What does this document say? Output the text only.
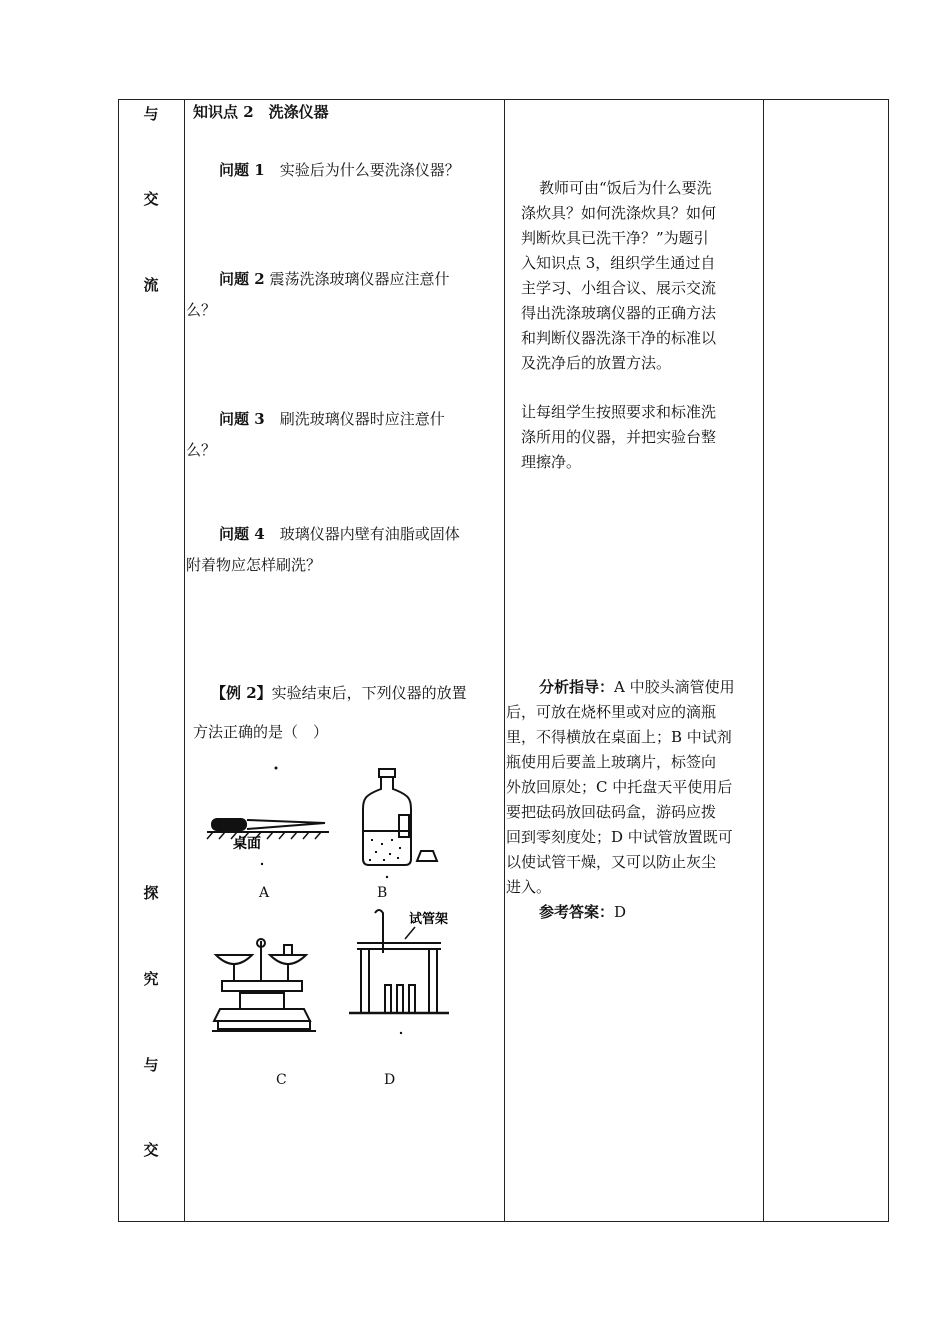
与
交
流
探
究
与
交
知识点 2　洗涤仪器
问题 1　 实验后为什么要洗涤仪器？
问题 2 震荡洗涤玻璃仪器应注意什
么？
问题 3　 刷洗玻璃仪器时应注意什
么？
问题 4　 玻璃仪器内壁有油脂或固体
附着物应怎样刷洗？
【例 2】实验结束后，下列仪器的放置
方法正确的是（　）
桌面
A	B
C
试管架
D
教师可由“饭后为什么要洗
涤炊具？如何洗涤炊具？如何
判断炊具已洗干净？”为题引
入知识点 3，组织学生通过自
主学习、小组合议、展示交流
得出洗涤玻璃仪器的正确方法
和判断仪器洗涤干净的标准以
及洗净后的放置方法。
让每组学生按照要求和标准洗
涤所用的仪器，并把实验台整
理擦净。
分析指导：A 中胶头滴管使用
后，可放在烧杯里或对应的滴瓶
里，不得横放在桌面上；B 中试剂
瓶使用后要盖上玻璃片，标签向
外放回原处；C 中托盘天平使用后
要把砝码放回砝码盒，游码应拨
回到零刻度处；D 中试管放置既可
以使试管干燥，又可以防止灰尘
进入。
参考答案：D
